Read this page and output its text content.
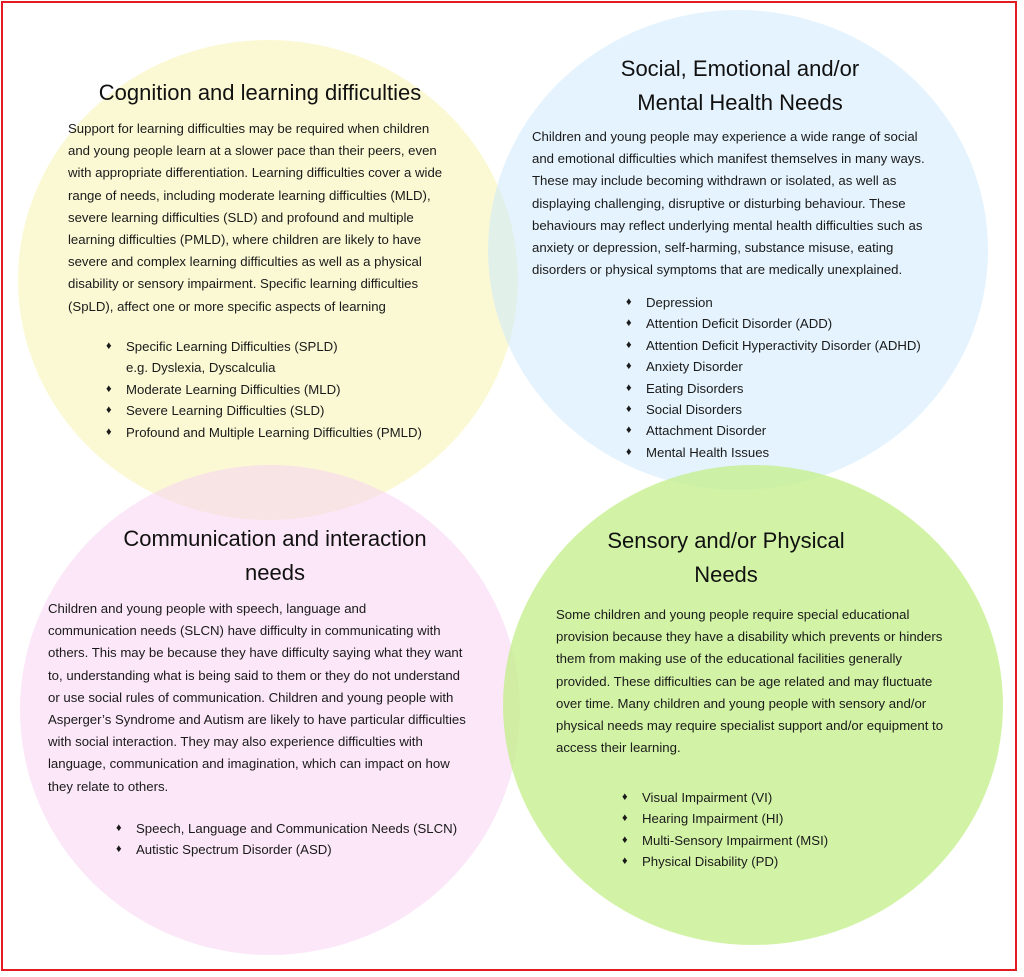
Cognition and learning difficulties
Support for learning difficulties may be required when children
and young people learn at a slower pace than their peers, even
with appropriate differentiation. Learning difficulties cover a wide
range of needs, including moderate learning difficulties (MLD),
severe learning difficulties (SLD) and profound and multiple
learning difficulties (PMLD), where children are likely to have
severe and complex learning difficulties as well as a physical
disability or sensory impairment. Specific learning difficulties
(SpLD), affect one or more specific aspects of learning
♦ Specific Learning Difficulties (SPLD)
e.g. Dyslexia, Dyscalculia
♦ Moderate Learning Difficulties (MLD)
♦ Severe Learning Difficulties (SLD)
♦ Profound and Multiple Learning Difficulties (PMLD)
Social, Emotional and/or
Mental Health Needs
Children and young people may experience a wide range of social
and emotional difficulties which manifest themselves in many ways.
These may include becoming withdrawn or isolated, as well as
displaying challenging, disruptive or disturbing behaviour. These
behaviours may reflect underlying mental health difficulties such as
anxiety or depression, self-harming, substance misuse, eating
disorders or physical symptoms that are medically unexplained.
♦ Depression
♦ Attention Deficit Disorder (ADD)
♦ Attention Deficit Hyperactivity Disorder (ADHD)
♦ Anxiety Disorder
♦ Eating Disorders
♦ Social Disorders
♦ Attachment Disorder
♦ Mental Health Issues
Communication and interaction
needs
Children and young people with speech, language and
communication needs (SLCN) have difficulty in communicating with
others. This may be because they have difficulty saying what they want
to, understanding what is being said to them or they do not understand
or use social rules of communication. Children and young people with
Asperger’s Syndrome and Autism are likely to have particular difficulties
with social interaction. They may also experience difficulties with
language, communication and imagination, which can impact on how
they relate to others.
♦ Speech, Language and Communication Needs (SLCN)
♦ Autistic Spectrum Disorder (ASD)
Sensory and/or Physical
Needs
Some children and young people require special educational
provision because they have a disability which prevents or hinders
them from making use of the educational facilities generally
provided. These difficulties can be age related and may fluctuate
over time. Many children and young people with sensory and/or
physical needs may require specialist support and/or equipment to
access their learning.
♦ Visual Impairment (VI)
♦ Hearing Impairment (HI)
♦ Multi-Sensory Impairment (MSI)
♦ Physical Disability (PD)
